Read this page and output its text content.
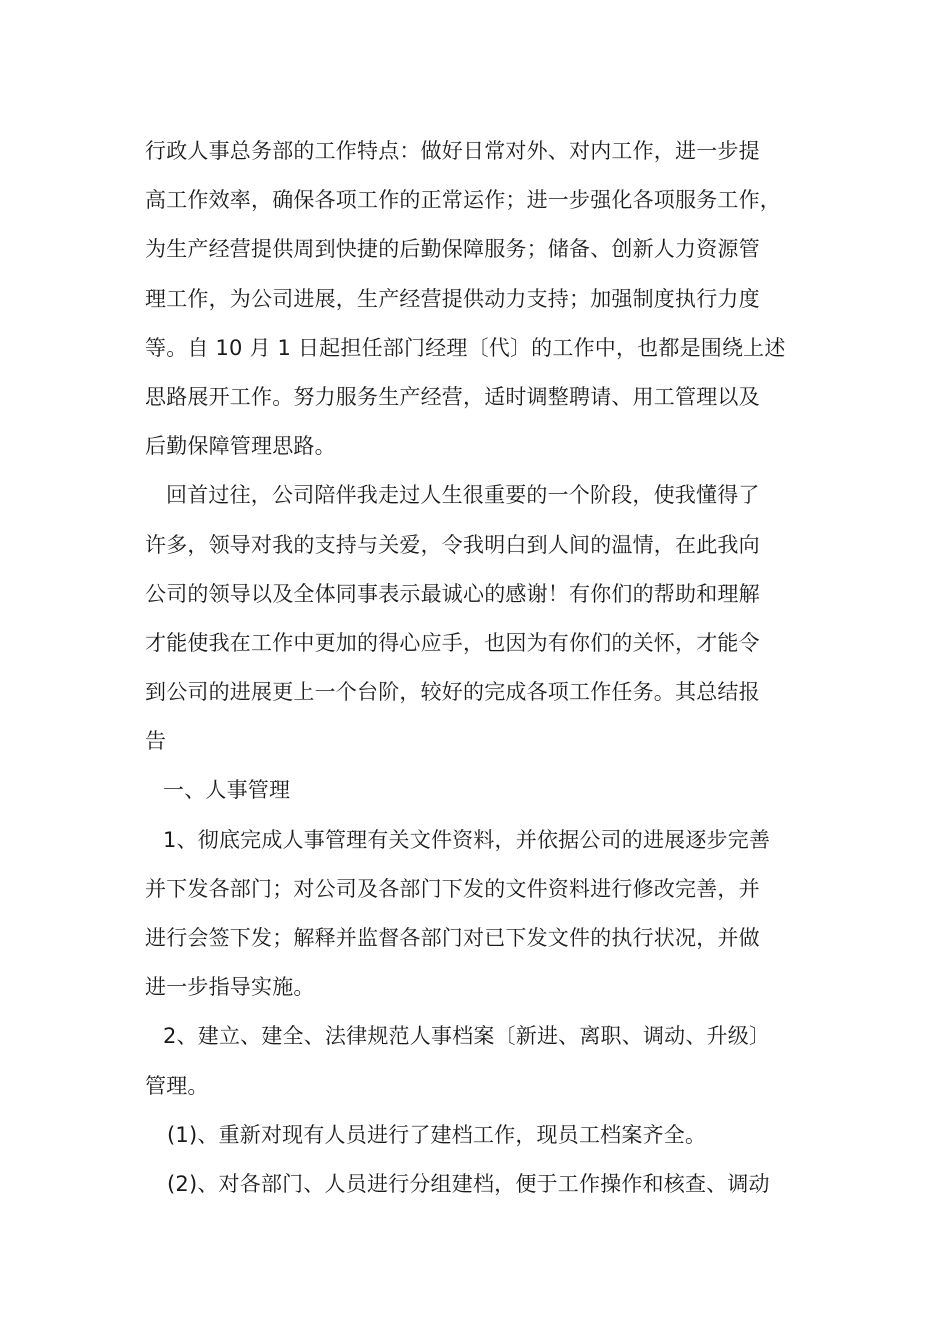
行政人事总务部的工作特点：做好日常对外、对内工作，进一步提
高工作效率，确保各项工作的正常运作；进一步强化各项服务工作，
为生产经营提供周到快捷的后勤保障服务；储备、创新人力资源管
理工作，为公司进展，生产经营提供动力支持；加强制度执行力度
等。自 10 月 1 日起担任部门经理〔代〕的工作中，也都是围绕上述
思路展开工作。努力服务生产经营，适时调整聘请、用工管理以及
后勤保障管理思路。
回首过往，公司陪伴我走过人生很重要的一个阶段，使我懂得了
许多，领导对我的支持与关爱，令我明白到人间的温情，在此我向
公司的领导以及全体同事表示最诚心的感谢！有你们的帮助和理解
才能使我在工作中更加的得心应手，也因为有你们的关怀，才能令
到公司的进展更上一个台阶，较好的完成各项工作任务。其总结报
告
一、人事管理
1、彻底完成人事管理有关文件资料，并依据公司的进展逐步完善
并下发各部门；对公司及各部门下发的文件资料进行修改完善，并
进行会签下发；解释并监督各部门对已下发文件的执行状况，并做
进一步指导实施。
2、建立、建全、法律规范人事档案〔新进、离职、调动、升级〕
管理。
(1)、重新对现有人员进行了建档工作，现员工档案齐全。
(2)、对各部门、人员进行分组建档，便于工作操作和核查、调动
